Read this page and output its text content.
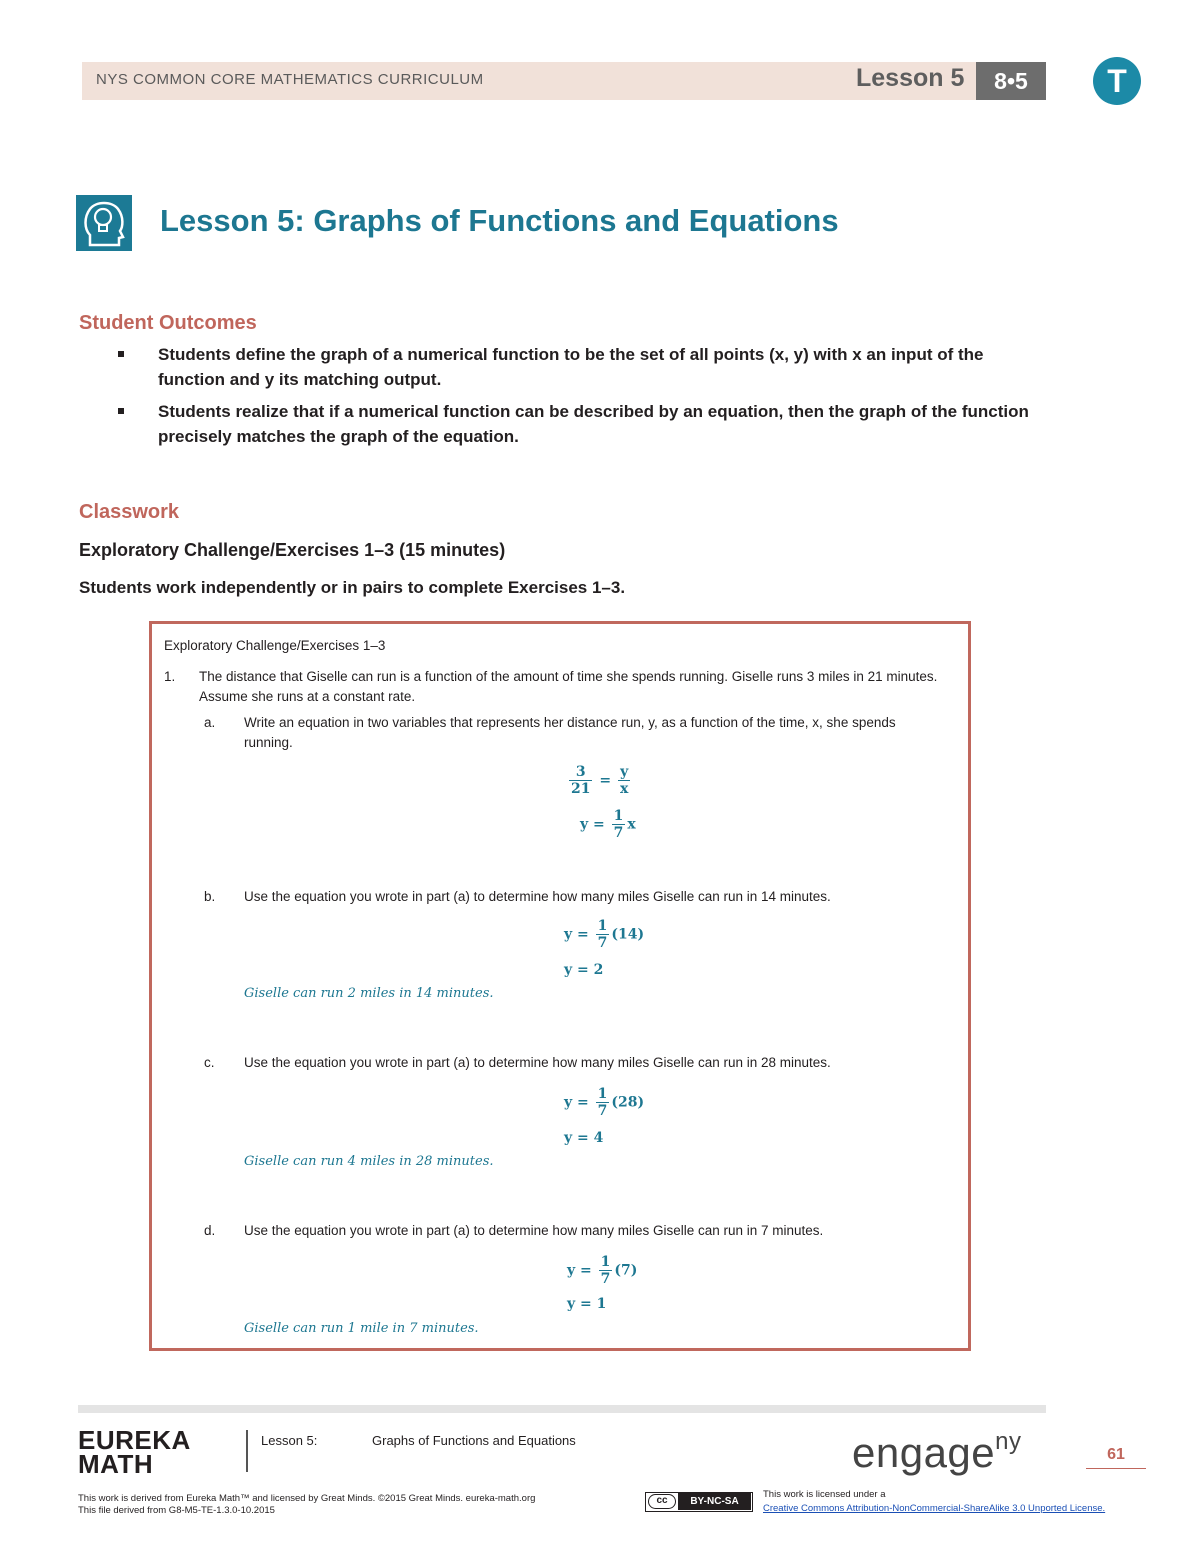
NYS COMMON CORE MATHEMATICS CURRICULUM	Lesson 5	8•5	T
Lesson 5: Graphs of Functions and Equations
Student Outcomes
Students define the graph of a numerical function to be the set of all points (x, y) with x an input of the function and y its matching output.
Students realize that if a numerical function can be described by an equation, then the graph of the function precisely matches the graph of the equation.
Classwork
Exploratory Challenge/Exercises 1–3 (15 minutes)
Students work independently or in pairs to complete Exercises 1–3.
Exploratory Challenge/Exercises 1–3
1. The distance that Giselle can run is a function of the amount of time she spends running. Giselle runs 3 miles in 21 minutes. Assume she runs at a constant rate.
a. Write an equation in two variables that represents her distance run, y, as a function of the time, x, she spends running.
$\frac{3}{21} = \frac{y}{x}$
$y = \frac{1}{7}$ x
b. Use the equation you wrote in part (a) to determine how many miles Giselle can run in 14 minutes.
$y = \frac{1}{7} (14)$
y = 2
Giselle can run 2 miles in 14 minutes.
c. Use the equation you wrote in part (a) to determine how many miles Giselle can run in 28 minutes.
$y = \frac{1}{7} (28)$
y = 4
Giselle can run 4 miles in 28 minutes.
d. Use the equation you wrote in part (a) to determine how many miles Giselle can run in 7 minutes.
$y = \frac{1}{7} (7)$
y = 1
Giselle can run 1 mile in 7 minutes.
EUREKA
MATH
Lesson 5:	Graphs of Functions and Equations	engage$^{ny}$	61
This work is derived from Eureka Math™ and licensed by Great Minds. ©2015 Great Minds. eureka-math.org
This file derived from G8-M5-TE-1.3.0-10.2015
cc	BY-NC-SA
This work is licensed under a
Creative Commons Attribution-NonCommercial-ShareAlike 3.0 Unported License.
